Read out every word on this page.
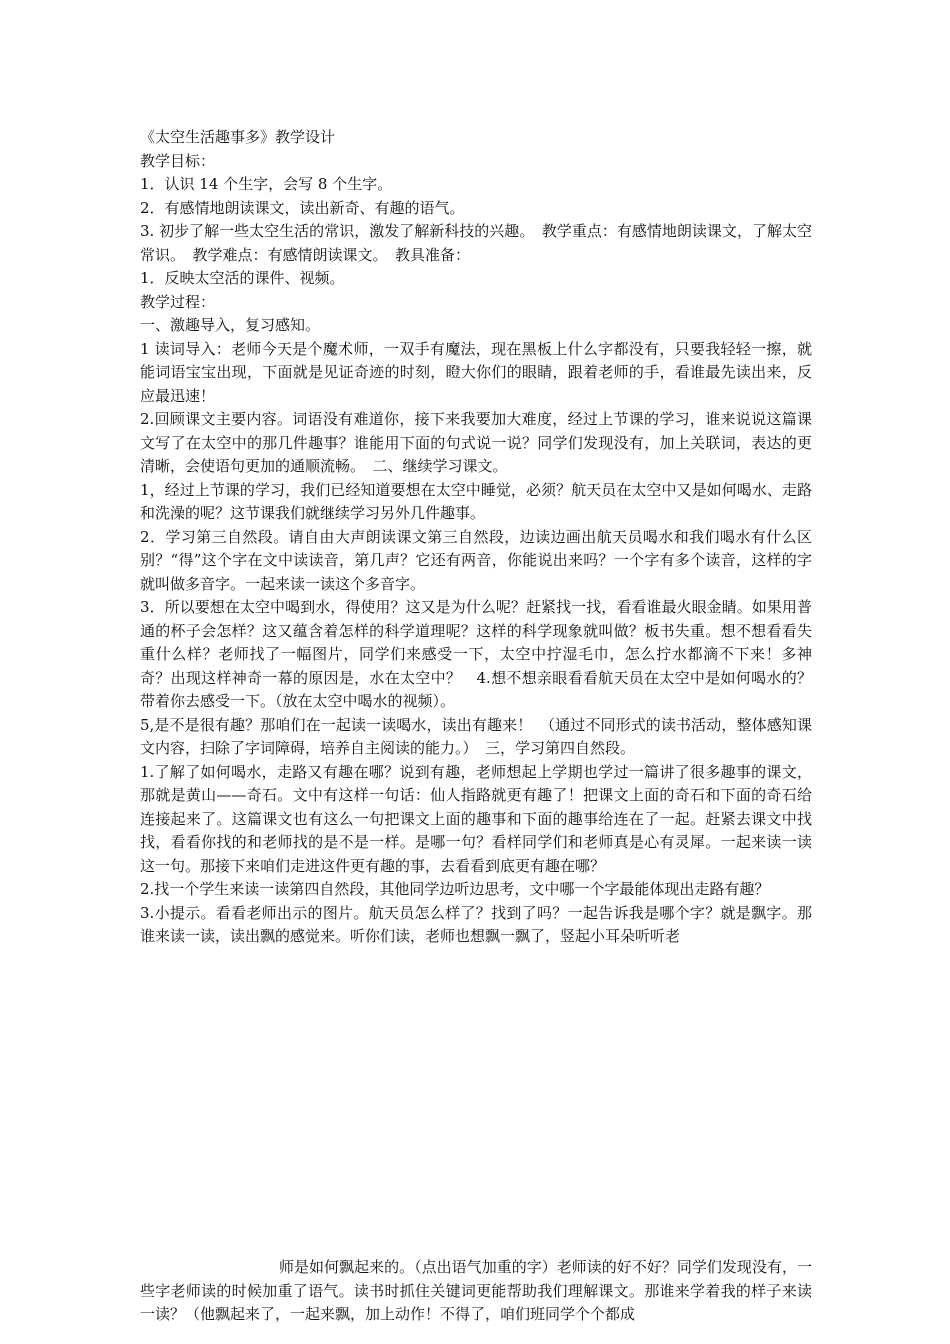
《太空生活趣事多》教学设计

教学目标：

1．认识 14 个生字，会写 8 个生字。

2．有感情地朗读课文，读出新奇、有趣的语气。

3. 初步了解一些太空生活的常识，激发了解新科技的兴趣。　教学重点：有感情地朗读课文，了解太空常识。　教学难点：有感情朗读课文。　教具准备：

1．反映太空活的课件、视频。

教学过程：

一、激趣导入，复习感知。

1 读词导入：老师今天是个魔术师，一双手有魔法，现在黑板上什么字都没有，只要我轻轻一擦，就能词语宝宝出现，下面就是见证奇迹的时刻，瞪大你们的眼睛，跟着老师的手，看谁最先读出来，反应最迅速！

2.回顾课文主要内容。词语没有难道你，接下来我要加大难度，经过上节课的学习，谁来说说这篇课文写了在太空中的那几件趣事？谁能用下面的句式说一说？同学们发现没有，加上关联词，表达的更清晰，会使语句更加的通顺流畅。　二、继续学习课文。

1，经过上节课的学习，我们已经知道要想在太空中睡觉，必须？航天员在太空中又是如何喝水、走路和洗澡的呢？这节课我们就继续学习另外几件趣事。

2．学习第三自然段。请自由大声朗读课文第三自然段，边读边画出航天员喝水和我们喝水有什么区别？“得”这个字在文中读读音，第几声？它还有两音，你能说出来吗？一个字有多个读音，这样的字就叫做多音字。一起来读一读这个多音字。

3．所以要想在太空中喝到水，得使用？这又是为什么呢？赶紧找一找，看看谁最火眼金睛。如果用普通的杯子会怎样？这又蕴含着怎样的科学道理呢？这样的科学现象就叫做？板书失重。想不想看看失重什么样？老师找了一幅图片，同学们来感受一下，太空中拧湿毛巾，怎么拧水都滴不下来！多神奇？出现这样神奇一幕的原因是，水在太空中？　4.想不想亲眼看看航天员在太空中是如何喝水的？带着你去感受一下。（放在太空中喝水的视频）。

5,是不是很有趣？那咱们在一起读一读喝水，读出有趣来！　（通过不同形式的读书活动，整体感知课文内容，扫除了字词障碍，培养自主阅读的能力。）　三，学习第四自然段。

1.了解了如何喝水，走路又有趣在哪？说到有趣，老师想起上学期也学过一篇讲了很多趣事的课文，那就是黄山——奇石。文中有这样一句话：仙人指路就更有趣了！把课文上面的奇石和下面的奇石给连接起来了。这篇课文也有这么一句把课文上面的趣事和下面的趣事给连在了一起。赶紧去课文中找找，看看你找的和老师找的是不是一样。是哪一句？看样同学们和老师真是心有灵犀。一起来读一读这一句。那接下来咱们走进这件更有趣的事，去看看到底更有趣在哪？

2.找一个学生来读一读第四自然段，其他同学边听边思考，文中哪一个字最能体现出走路有趣？

3.小提示。看看老师出示的图片。航天员怎么样了？找到了吗？一起告诉我是哪个字？就是飘字。那谁来读一读，读出飘的感觉来。听你们读，老师也想飘一飘了，竖起小耳朵听听老

师是如何飘起来的。（点出语气加重的字）老师读的好不好？同学们发现没有，一些字老师读的时候加重了语气。读书时抓住关键词更能帮助我们理解课文。那谁来学着我的样子来读一读？（他飘起来了，一起来飘，加上动作！不得了，咱们班同学个个都成
